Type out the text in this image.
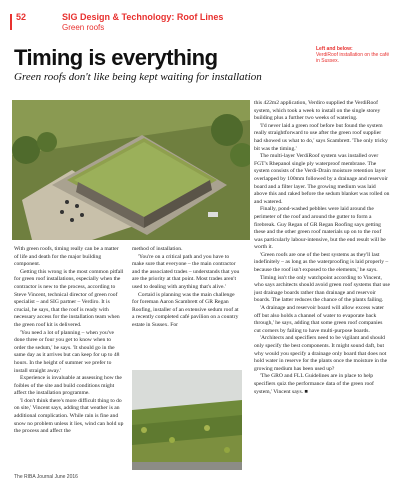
52	SIG Design & Technology: Roof Lines
Green roofs
Timing is everything
Green roofs don't like being kept waiting for installation
Left and below:
VerdiRoof installation on the café in Sussex.

With green roofs, timing really can be a matter of life and death for the major building component.

Getting this wrong is the most common pitfall for green roof installations, especially when the contractor is new to the process, according to Steve Vincent, technical director of green roof specialist – and SIG partner – Verdiro. It is crucial, he says, that the roof is ready with necessary access for the installation team when the green roof kit is delivered.

'You need a lot of planning – when you've done three or four you get to know when to order the sedum,' he says. 'It should go in the same day as it arrives but can keep for up to 48 hours. In the height of summer we prefer to install straight away.'

Experience is invaluable at assessing how the foibles of the site and build conditions might affect the installation programme.

'I don't think there's more difficult thing to do on site,' Vincent says, adding that weather is an additional complication. While rain is fine and snow no problem unless it lies, wind can hold up the process and affect the

method of installation.

'You're on a critical path and you have to make sure that everyone – the main contractor and the associated trades – understands that you are the priority at that point. Most trades aren't used to dealing with anything that's alive.'

Cortaid is planning was the main challenge for foreman Aaron Scambrett of GR Regan Roofing, installer of an extensive sedum roof at a recently completed café pavilion on a country estate in Sussex. For

this 422m2 application, Verdiro supplied the VerdiRoof system, which took a week to install on the single storey building plus a further two weeks of watering.

'I'd never laid a green roof before but found the system really straightforward to use after the green roof supplier had showed us what to do,' says Scambrett. 'The only tricky bit was the timing.'

The multi-layer VerdiRoof system was installed over FGT's Rhepanol single ply waterproof membrane. The system consists of the Verdi-Drain moisture retention layer overlapped by 100mm followed by a drainage and reservoir board and a filter layer. The growing medium was laid above this and raked before the sedum blanket was rolled on and watered.

Finally, pond-washed pebbles were laid around the perimeter of the roof and around the gutter to form a firebreak. Guy Regan of GR Regan Roofing says getting these and the other green roof materials up on to the roof was particularly labour-intensive, but the end result will be worth it.

'Green roofs are one of the best systems as they'll last indefinitely – as long as the waterproofing is laid properly – because the roof isn't exposed to the elements,' he says.

Timing isn't the only watchpoint according to Vincent, who says architects should avoid green roof systems that use just drainage boards rather than drainage and reservoir boards. The latter reduces the chance of the plants failing.

'A drainage and reservoir board will allow excess water off but also holds a channel of water to evaporate back through,' he says, adding that some green roof companies cut corners by failing to have multi-purpose boards.

'Architects and specifiers need to be vigilant and should only specify the best components. It might sound daft, but why would you specify a drainage only board that does not hold water in reserve for the plants once the moisture in the growing medium has been used up?

'The GRO and FLL Guidelines are in place to help specifiers quiz the performance data of the green roof system,' Vincent says. ■

The RIBA Journal June 2016
